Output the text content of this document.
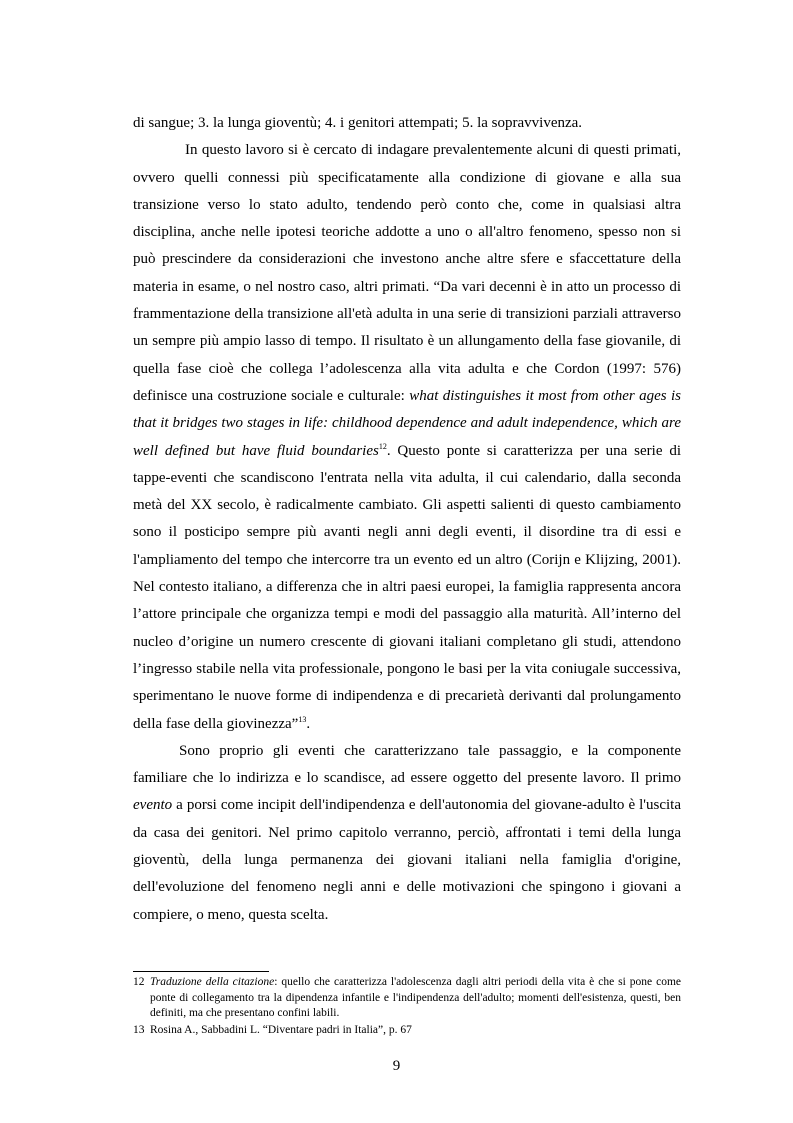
di sangue; 3. la lunga gioventù; 4. i genitori attempati; 5. la sopravvivenza.

In questo lavoro si è cercato di indagare prevalentemente alcuni di questi primati, ovvero quelli connessi più specificatamente alla condizione di giovane e alla sua transizione verso lo stato adulto, tendendo però conto che, come in qualsiasi altra disciplina, anche nelle ipotesi teoriche addotte a uno o all'altro fenomeno, spesso non si può prescindere da considerazioni che investono anche altre sfere e sfaccettature della materia in esame, o nel nostro caso, altri primati. “Da vari decenni è in atto un processo di frammentazione della transizione all'età adulta in una serie di transizioni parziali attraverso un sempre più ampio lasso di tempo. Il risultato è un allungamento della fase giovanile, di quella fase cioè che collega l’adolescenza alla vita adulta e che Cordon (1997: 576) definisce una costruzione sociale e culturale: what distinguishes it most from other ages is that it bridges two stages in life: childhood dependence and adult independence, which are well defined but have fluid boundaries$^{12}$. Questo ponte si caratterizza per una serie di tappe-eventi che scandiscono l'entrata nella vita adulta, il cui calendario, dalla seconda metà del XX secolo, è radicalmente cambiato. Gli aspetti salienti di questo cambiamento sono il posticipo sempre più avanti negli anni degli eventi, il disordine tra di essi e l'ampliamento del tempo che intercorre tra un evento ed un altro (Corijn e Klijzing, 2001). Nel contesto italiano, a differenza che in altri paesi europei, la famiglia rappresenta ancora l’attore principale che organizza tempi e modi del passaggio alla maturità. All’interno del nucleo d’origine un numero crescente di giovani italiani completano gli studi, attendono l’ingresso stabile nella vita professionale, pongono le basi per la vita coniugale successiva, sperimentano le nuove forme di indipendenza e di precarietà derivanti dal prolungamento della fase della giovinezza”$^{13}$.

Sono proprio gli eventi che caratterizzano tale passaggio, e la componente familiare che lo indirizza e lo scandisce, ad essere oggetto del presente lavoro. Il primo evento a porsi come incipit dell'indipendenza e dell'autonomia del giovane-adulto è l'uscita da casa dei genitori. Nel primo capitolo verranno, perciò, affrontati i temi della lunga gioventù, della lunga permanenza dei giovani italiani nella famiglia d'origine, dell'evoluzione del fenomeno negli anni e delle motivazioni che spingono i giovani a compiere, o meno, questa scelta.

12 Traduzione della citazione: quello che caratterizza l'adolescenza dagli altri periodi della vita è che si pone come ponte di collegamento tra la dipendenza infantile e l'indipendenza dell'adulto; momenti dell'esistenza, questi, ben definiti, ma che presentano confini labili.
13 Rosina A., Sabbadini L. “Diventare padri in Italia”, p. 67
9
